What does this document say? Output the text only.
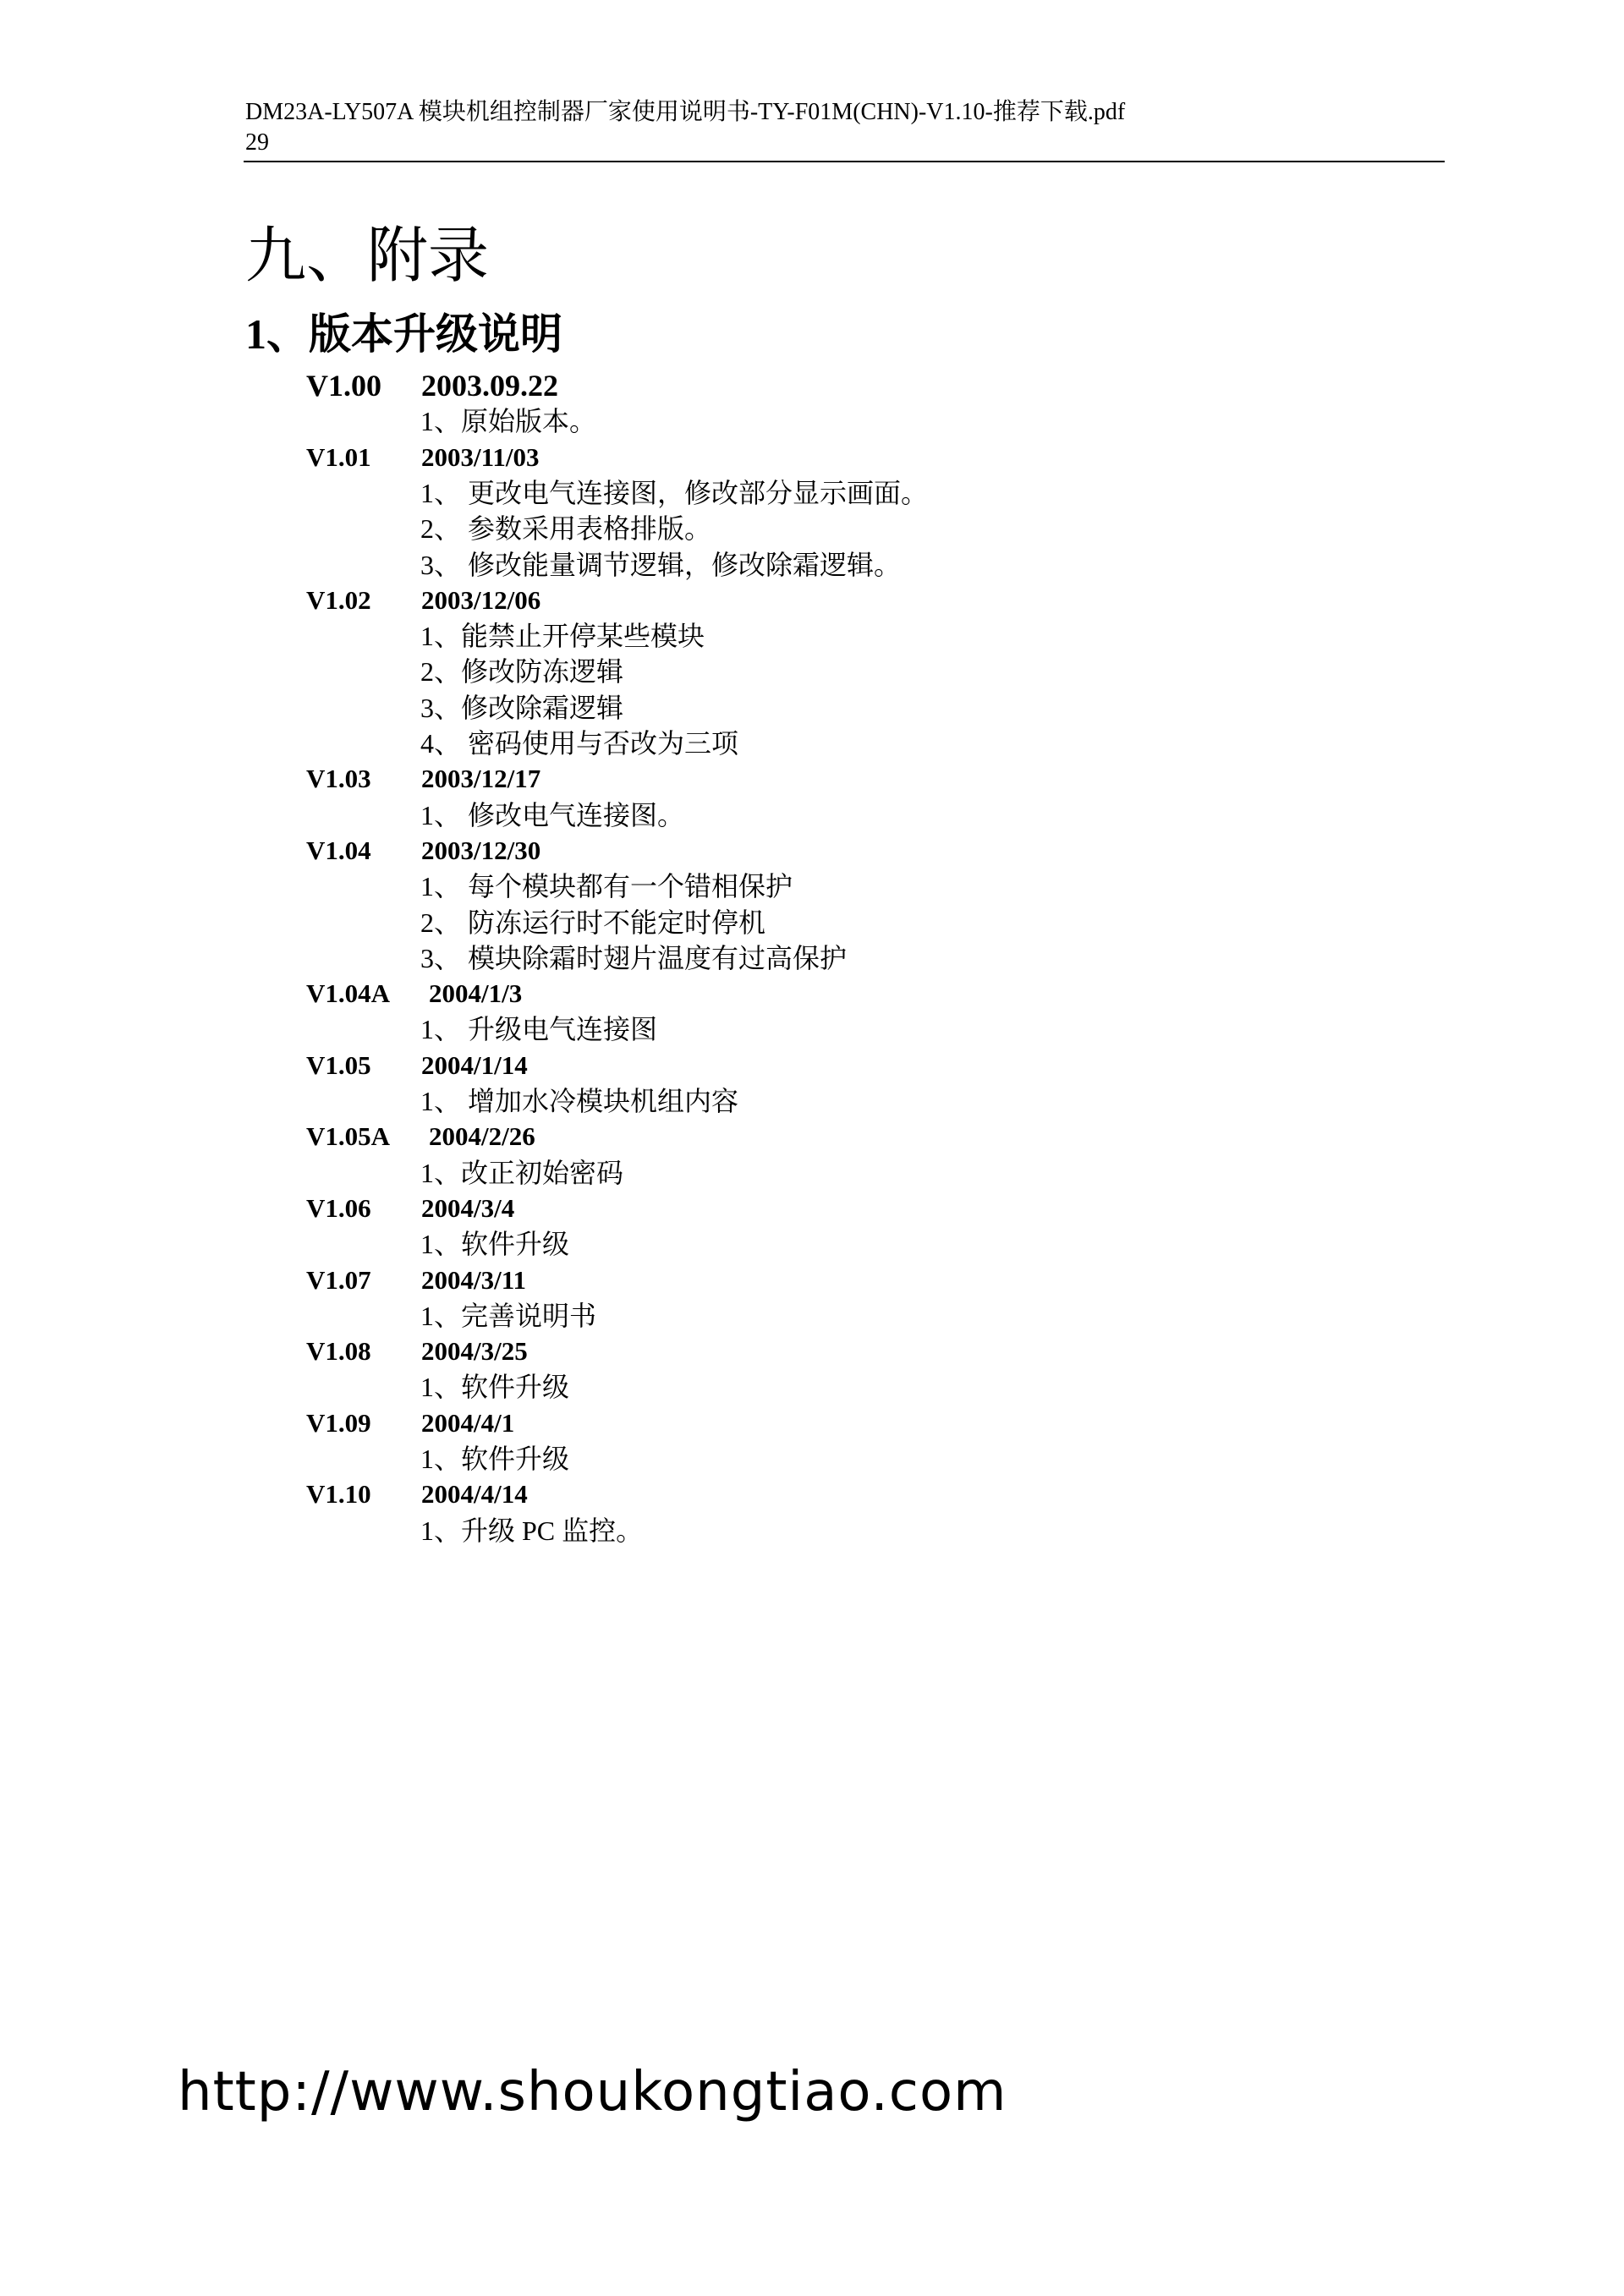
DM23A-LY507A 模块机组控制器厂家使用说明书-TY-F01M(CHN)-V1.10-推荐下载.pdf
29
九、附录
1、版本升级说明
V1.00 2003.09.22
1、原始版本。
V1.01 2003/11/03
1、 更改电气连接图，修改部分显示画面。
2、 参数采用表格排版。
3、 修改能量调节逻辑，修改除霜逻辑。
V1.02 2003/12/06
1、能禁止开停某些模块
2、修改防冻逻辑
3、修改除霜逻辑
4、 密码使用与否改为三项
V1.03 2003/12/17
1、 修改电气连接图。
V1.04 2003/12/30
1、 每个模块都有一个错相保护
2、 防冻运行时不能定时停机
3、 模块除霜时翅片温度有过高保护
V1.04A 2004/1/3
1、 升级电气连接图
V1.05 2004/1/14
1、 增加水冷模块机组内容
V1.05A 2004/2/26
1、改正初始密码
V1.06 2004/3/4
1、软件升级
V1.07 2004/3/11
1、完善说明书
V1.08 2004/3/25
1、软件升级
V1.09 2004/4/1
1、软件升级
V1.10 2004/4/14
1、升级 PC 监控。
http://www.shoukongtiao.com
